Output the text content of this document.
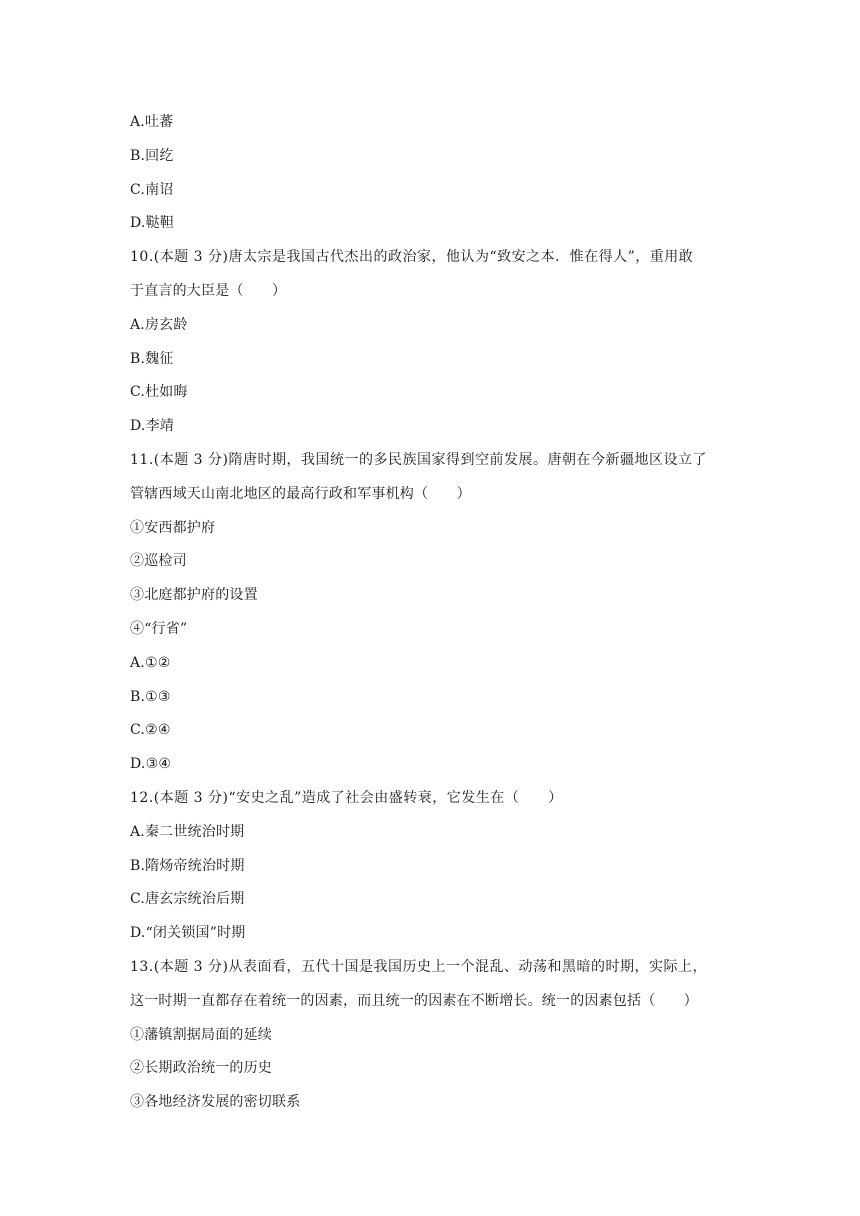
A.吐蕃
B.回纥
C.南诏
D.鞑靼
10.(本题 3 分)唐太宗是我国古代杰出的政治家，他认为“致安之本．惟在得人”，重用敢
于直言的大臣是（　　）
A.房玄龄
B.魏征
C.杜如晦
D.李靖
11.(本题 3 分)隋唐时期，我国统一的多民族国家得到空前发展。唐朝在今新疆地区设立了
管辖西域天山南北地区的最高行政和军事机构（　　）
①安西都护府
②巡检司
③北庭都护府的设置
④“行省”
A.①②
B.①③
C.②④
D.③④
12.(本题 3 分)“安史之乱”造成了社会由盛转衰，它发生在（　　）
A.秦二世统治时期
B.隋炀帝统治时期
C.唐玄宗统治后期
D.“闭关锁国”时期
13.(本题 3 分)从表面看，五代十国是我国历史上一个混乱、动荡和黑暗的时期，实际上，
这一时期一直都存在着统一的因素，而且统一的因素在不断增长。统一的因素包括（　　）
①藩镇割据局面的延续
②长期政治统一的历史
③各地经济发展的密切联系
